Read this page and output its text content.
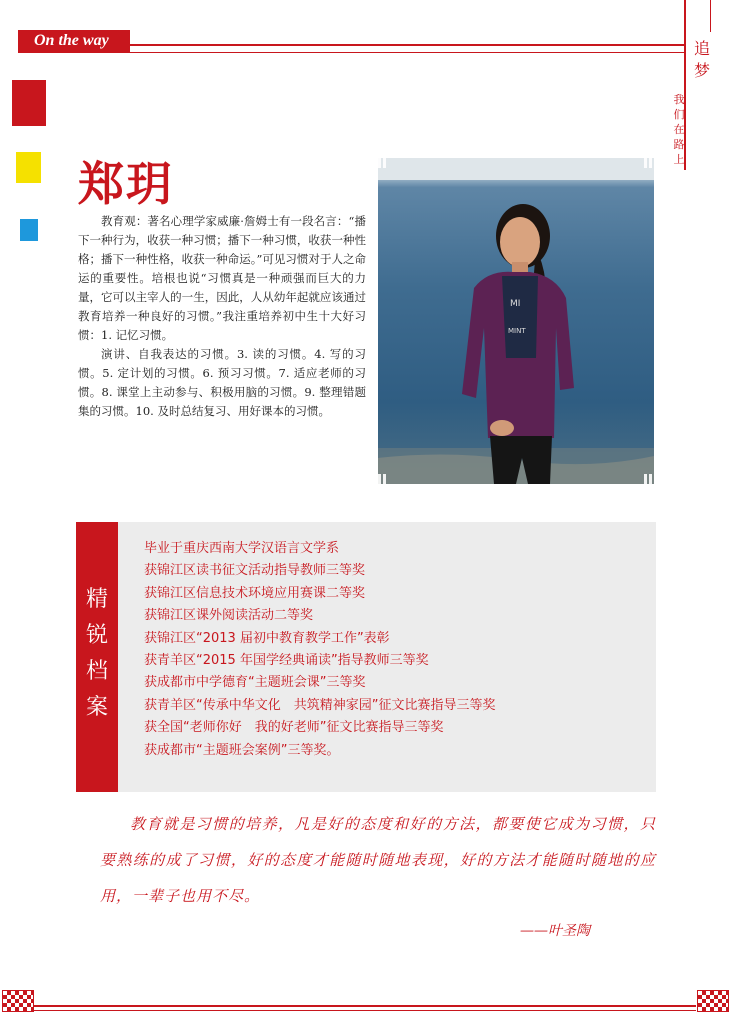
On the way	追梦
我们在路上
郑玥

教育观：著名心理学家威廉·詹姆士有一段名言：“播下一种行为，收获一种习惯；播下一种习惯，收获一种性格；播下一种性格，收获一种命运。”可见习惯对于人之命运的重要性。培根也说“习惯真是一种顽强而巨大的力量，它可以主宰人的一生，因此，人从幼年起就应该通过教育培养一种良好的习惯。”我注重培养初中生十大好习惯：1. 记忆习惯。

演讲、自我表达的习惯。3. 读的习惯。4. 写的习惯。5. 定计划的习惯。6. 预习习惯。7. 适应老师的习惯。8. 课堂上主动参与、积极用脑的习惯。9. 整理错题集的习惯。10. 及时总结复习、用好课本的习惯。

MI
MINT
精锐档案
毕业于重庆西南大学汉语言文学系
获锦江区读书征文活动指导教师三等奖
获锦江区信息技术环境应用赛课二等奖
获锦江区课外阅读活动二等奖
获锦江区“2013 届初中教育教学工作”表彰
获青羊区“2015 年国学经典诵读”指导教师三等奖
获成都市中学德育“主题班会课”三等奖
获青羊区“传承中华文化　共筑精神家园”征文比赛指导三等奖
获全国“老师你好　我的好老师”征文比赛指导三等奖
获成都市“主题班会案例”三等奖。
教育就是习惯的培养，凡是好的态度和好的方法，都要使它成为习惯，只要熟练的成了习惯，好的态度才能随时随地表现，好的方法才能随时随地的应用，一辈子也用不尽。
——叶圣陶
